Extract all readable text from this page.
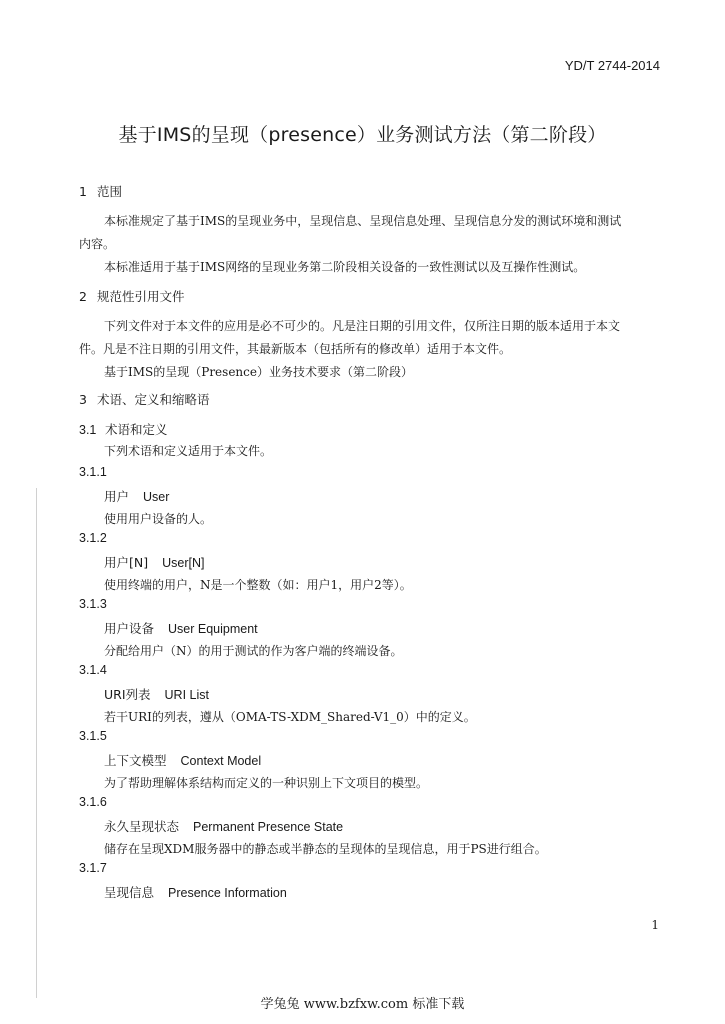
YD/T 2744-2014
基于IMS的呈现（presence）业务测试方法（第二阶段）
1 范围
本标准规定了基于IMS的呈现业务中，呈现信息、呈现信息处理、呈现信息分发的测试环境和测试
内容。
本标准适用于基于IMS网络的呈现业务第二阶段相关设备的一致性测试以及互操作性测试。
2 规范性引用文件
下列文件对于本文件的应用是必不可少的。凡是注日期的引用文件，仅所注日期的版本适用于本文
件。凡是不注日期的引用文件，其最新版本（包括所有的修改单）适用于本文件。
基于IMS的呈现（Presence）业务技术要求（第二阶段）
3 术语、定义和缩略语
3.1 术语和定义
下列术语和定义适用于本文件。
3.1.1
用户 User
使用用户设备的人。
3.1.2
用户[N] User[N]
使用终端的用户，N是一个整数（如：用户1，用户2等）。
3.1.3
用户设备 User Equipment
分配给用户（N）的用于测试的作为客户端的终端设备。
3.1.4
URI列表 URI List
若干URI的列表，遵从（OMA-TS-XDM_Shared-V1_0）中的定义。
3.1.5
上下文模型 Context Model
为了帮助理解体系结构而定义的一种识别上下文项目的模型。
3.1.6
永久呈现状态 Permanent Presence State
储存在呈现XDM服务器中的静态或半静态的呈现体的呈现信息，用于PS进行组合。
3.1.7
呈现信息 Presence Information
1
学兔兔 www.bzfxw.com 标准下载
